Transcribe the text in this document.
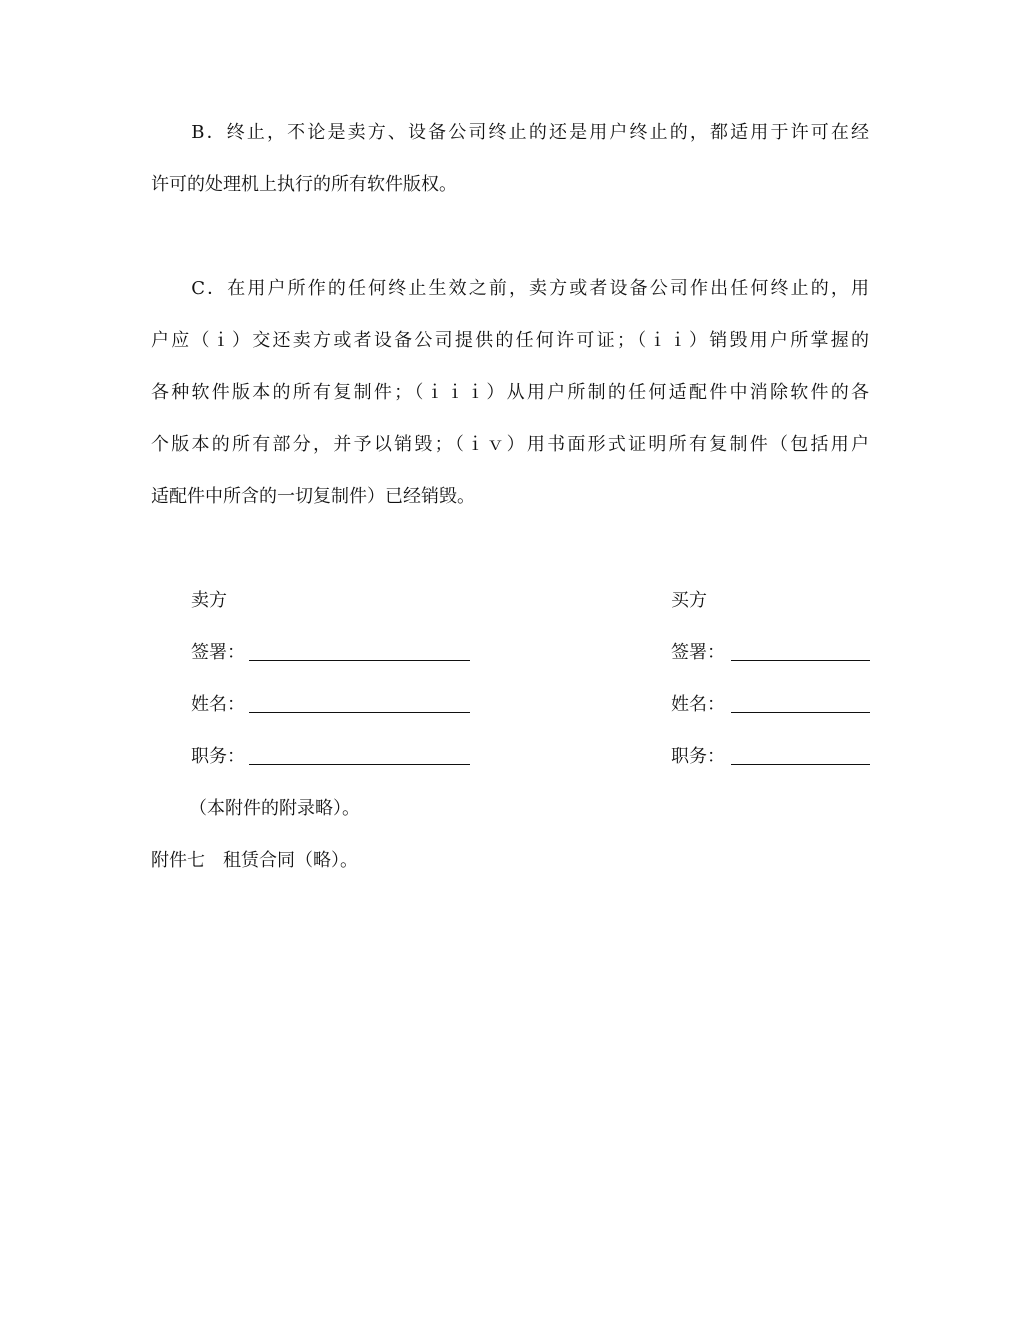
　　B．终止，不论是卖方、设备公司终止的还是用户终止的，都适用于许可在经
许可的处理机上执行的所有软件版权。
　　C．在用户所作的任何终止生效之前，卖方或者设备公司作出任何终止的，用
户应（ｉ）交还卖方或者设备公司提供的任何许可证；（ｉｉ）销毁用户所掌握的
各种软件版本的所有复制件；（ｉｉｉ）从用户所制的任何适配件中消除软件的各
个版本的所有部分，并予以销毁；（ｉｖ）用书面形式证明所有复制件（包括用户
适配件中所含的一切复制件）已经销毁。
卖方
签署：
姓名：
职务：
买方
签署：
姓名：
职务：
（本附件的附录略）。
附件七　租赁合同（略）。
